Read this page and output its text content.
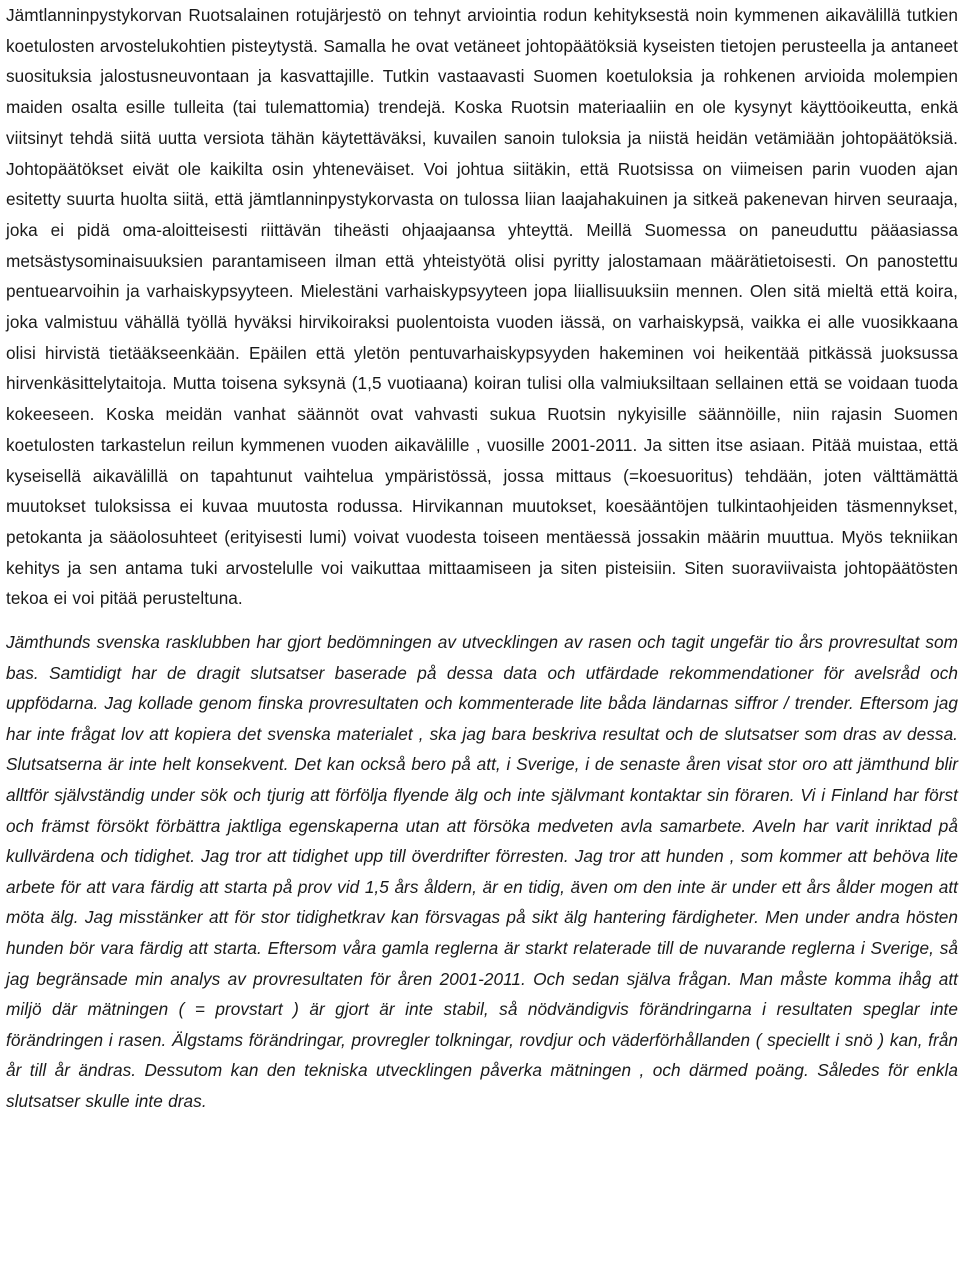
Jämtlanninpystykorvan Ruotsalainen rotujärjestö on tehnyt arviointia rodun kehityksestä noin kymmenen aikavälillä tutkien koetulosten arvostelukohtien pisteytystä. Samalla he ovat vetäneet johtopäätöksiä kyseisten tietojen perusteella ja antaneet suosituksia jalostusneuvontaan ja kasvattajille. Tutkin vastaavasti Suomen koetuloksia ja rohkenen arvioida molempien maiden osalta esille tulleita (tai tulemattomia) trendejä. Koska Ruotsin materiaaliin en ole kysynyt käyttöoikeutta, enkä viitsinyt tehdä siitä uutta versiota tähän käytettäväksi, kuvailen sanoin tuloksia ja niistä heidän vetämiään johtopäätöksiä. Johtopäätökset eivät ole kaikilta osin yhteneväiset. Voi johtua siitäkin, että Ruotsissa on viimeisen parin vuoden ajan esitetty suurta huolta siitä, että jämtlanninpystykorvasta on tulossa liian laajahakuinen ja sitkeä pakenevan hirven seuraaja, joka ei pidä oma-aloitteisesti riittävän tiheästi ohjaajaansa yhteyttä. Meillä Suomessa on paneuduttu pääasiassa metsästysominaisuuksien parantamiseen ilman että yhteistyötä olisi pyritty jalostamaan määrätietoisesti. On panostettu pentuearvoihin ja varhaiskypsyyteen. Mielestäni varhaiskypsyyteen jopa liiallisuuksiin mennen. Olen sitä mieltä että koira, joka valmistuu vähällä työllä hyväksi hirvikoiraksi puolentoista vuoden iässä, on varhaiskypsä, vaikka ei alle vuosikkaana olisi hirvistä tietääkseenkään. Epäilen että yletön pentuvarhaiskypsyyden hakeminen voi heikentää pitkässä juoksussa hirvenkäsittelytaitoja. Mutta toisena syksynä (1,5 vuotiaana) koiran tulisi olla valmiuksiltaan sellainen että se voidaan tuoda kokeeseen. Koska meidän vanhat säännöt ovat vahvasti sukua Ruotsin nykyisille säännöille, niin rajasin Suomen koetulosten tarkastelun reilun kymmenen vuoden aikavälille , vuosille 2001-2011. Ja sitten itse asiaan. Pitää muistaa, että kyseisellä aikavälillä on tapahtunut vaihtelua ympäristössä, jossa mittaus (=koesuoritus) tehdään, joten välttämättä muutokset tuloksissa ei kuvaa muutosta rodussa. Hirvikannan muutokset, koesääntöjen tulkintaohjeiden täsmennykset, petokanta ja sääolosuhteet (erityisesti lumi) voivat vuodesta toiseen mentäessä jossakin määrin muuttua. Myös tekniikan kehitys ja sen antama tuki arvostelulle voi vaikuttaa mittaamiseen ja siten pisteisiin. Siten suoraviivaista johtopäätösten tekoa ei voi pitää perusteltuna.

Jämthunds svenska rasklubben har gjort bedömningen av utvecklingen av rasen och tagit ungefär tio års provresultat som bas. Samtidigt har de dragit slutsatser baserade på dessa data och utfärdade rekommendationer för avelsråd och uppfödarna. Jag kollade genom finska provresultaten och kommenterade lite båda ländarnas siffror / trender. Eftersom jag har inte frågat lov att kopiera det svenska materialet , ska jag bara beskriva resultat och de slutsatser som dras av dessa. Slutsatserna är inte helt konsekvent. Det kan också bero på att, i Sverige, i de senaste åren visat stor oro att jämthund blir alltför självständig under sök och tjurig att förfölja flyende älg och inte självmant kontaktar sin föraren. Vi i Finland har först och främst försökt förbättra jaktliga egenskaperna utan att försöka medveten avla samarbete. Aveln har varit inriktad på kullvärdena och tidighet. Jag tror att tidighet upp till överdrifter förresten. Jag tror att hunden , som kommer att behöva lite arbete för att vara färdig att starta på prov vid 1,5 års åldern, är en tidig, även om den inte är under ett års ålder mogen att möta älg. Jag misstänker att för stor tidighetkrav kan försvagas på sikt älg hantering färdigheter. Men under andra hösten hunden bör vara färdig att starta. Eftersom våra gamla reglerna är starkt relaterade till de nuvarande reglerna i Sverige, så jag begränsade min analys av provresultaten för åren 2001-2011. Och sedan själva frågan. Man måste komma ihåg att miljö där mätningen ( = provstart ) är gjort är inte stabil, så nödvändigvis förändringarna i resultaten speglar inte förändringen i rasen. Älgstams förändringar, provregler tolkningar, rovdjur och väderförhållanden ( speciellt i snö ) kan, från år till år ändras. Dessutom kan den tekniska utvecklingen påverka mätningen , och därmed poäng. Således för enkla slutsatser skulle inte dras.
